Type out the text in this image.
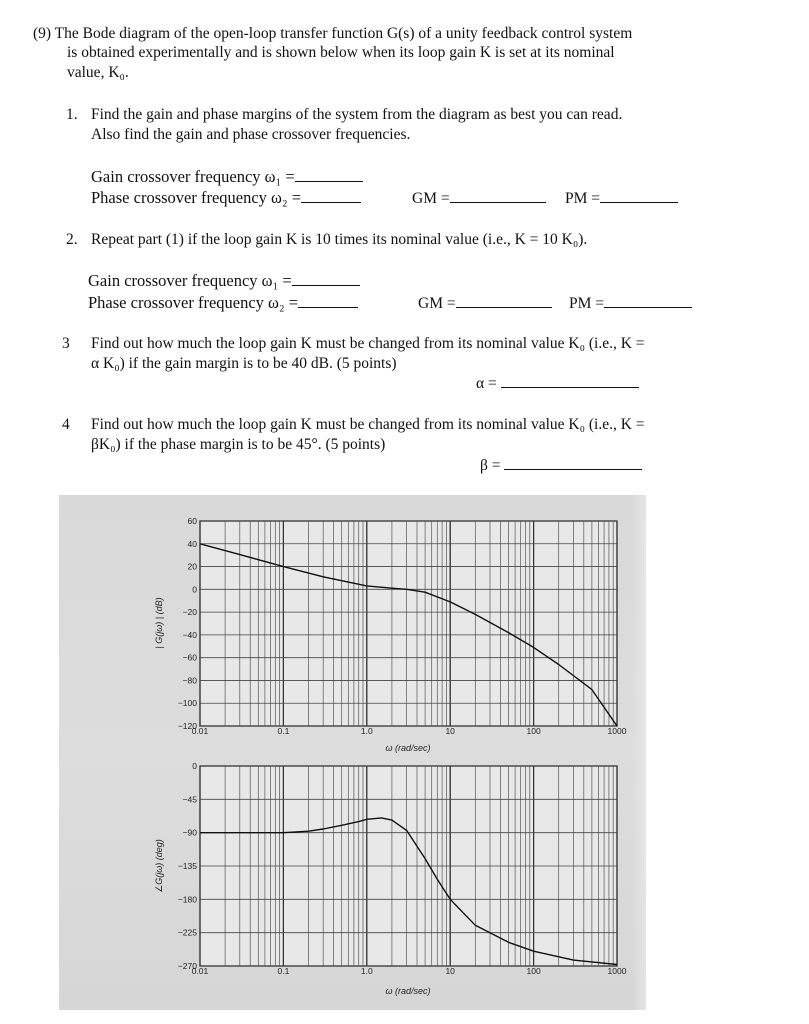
(9) The Bode diagram of the open-loop transfer function G(s) of a unity feedback control system
is obtained experimentally and is shown below when its loop gain K is set at its nominal
value, K₀.
1. Find the gain and phase margins of the system from the diagram as best you can read.
Also find the gain and phase crossover frequencies.
Gain crossover frequency ω₁ =
Phase crossover frequency ω₂ =	GM =	PM =
2. Repeat part (1) if the loop gain K is 10 times its nominal value (i.e., K = 10 K₀).
Gain crossover frequency ω₁ =
Phase crossover frequency ω₂ =	GM =	PM =
3 Find out how much the loop gain K must be changed from its nominal value K₀ (i.e., K =
α K₀) if the gain margin is to be 40 dB. (5 points)
α =
4 Find out how much the loop gain K must be changed from its nominal value K₀ (i.e., K =
βK₀) if the phase margin is to be 45°. (5 points)
β =
60
40
20
0
−20
−40
−60
−80
−100
−120
0.01	0.1	1.0	10	100	1000
ω (rad/sec)
| G(jω) | (dB)
0
−45
−90
−135
−180
−225
−270
0.01	0.1	1.0	10	100	1000
ω (rad/sec)
∠G(jω) (deg)
